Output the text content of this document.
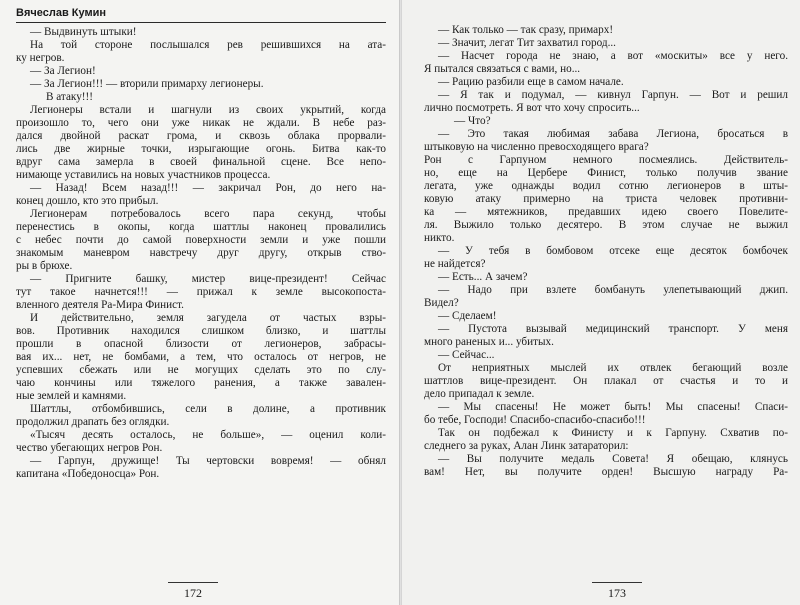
Вячеслав Кумин
— Выдвинуть штыки!
На той стороне послышался рев решившихся на ата-
ку негров.
— За Легион!
— За Легион!!! — вторили примарху легионеры.
В атаку!!!
Легионеры встали и шагнули из своих укрытий, когда
произошло то, чего они уже никак не ждали. В небе раз-
дался двойной раскат грома, и сквозь облака прорвали-
лись две жирные точки, изрыгающие огонь. Битва как-то
вдруг сама замерла в своей финальной сцене. Все непо-
нимающе уставились на новых участников процесса.
— Назад! Всем назад!!! — закричал Рон, до него на-
конец дошло, кто это прибыл.
Легионерам потребовалось всего пара секунд, чтобы
перенестись в окопы, когда шаттлы наконец провалились
с небес почти до самой поверхности земли и уже пошли
знакомым маневром навстречу друг другу, открыв ство-
ры в брюхе.
— Пригните башку, мистер вице-президент! Сейчас
тут такое начнется!!! — прижал к земле высокопоста-
вленного деятеля Ра-Мира Финист.
И действительно, земля загудела от частых взры-
вов. Противник находился слишком близко, и шаттлы
прошли в опасной близости от легионеров, забрасы-
вая их... нет, не бомбами, а тем, что осталось от негров, не
успевших сбежать или не могущих сделать это по слу-
чаю кончины или тяжелого ранения, а также завален-
ные землей и камнями.
Шаттлы, отбомбившись, сели в долине, а противник
продолжил драпать без оглядки.
«Тысяч десять осталось, не больше», — оценил коли-
чество убегающих негров Рон.
— Гарпун, дружище! Ты чертовски вовремя! — обнял
капитана «Победоносца» Рон.
172
— Как только — так сразу, примарх!
— Значит, легат Тит захватил город...
— Насчет города не знаю, а вот «москиты» все у него.
Я пытался связаться с вами, но...
— Рацию разбили еще в самом начале.
— Я так и подумал, — кивнул Гарпун. — Вот и решил
лично посмотреть. Я вот что хочу спросить...
— Что?
— Это такая любимая забава Легиона, бросаться в
штыковую на численно превосходящего врага?
Рон с Гарпуном немного посмеялись. Действитель-
но, еще на Цербере Финист, только получив звание
легата, уже однажды водил сотню легионеров в шты-
ковую атаку примерно на триста человек противни-
ка — мятежников, предавших идею своего Повелите-
ля. Выжило только десятеро. В этом случае не выжил
никто.
— У тебя в бомбовом отсеке еще десяток бомбочек
не найдется?
— Есть... А зачем?
— Надо при взлете бомбануть улепетывающий джип.
Видел?
— Сделаем!
— Пустота вызывай медицинский транспорт. У меня
много раненых и... убитых.
— Сейчас...
От неприятных мыслей их отвлек бегающий возле
шаттлов вице-президент. Он плакал от счастья и то и
дело припадал к земле.
— Мы спасены! Не может быть! Мы спасены! Спаси-
бо тебе, Господи! Спасибо-спасибо-спасибо!!!
Так он подбежал к Финисту и к Гарпуну. Схватив по-
следнего за руках, Алан Линк затараторил:
— Вы получите медаль Совета! Я обещаю, клянусь
вам! Нет, вы получите орден! Высшую награду Ра-
173
